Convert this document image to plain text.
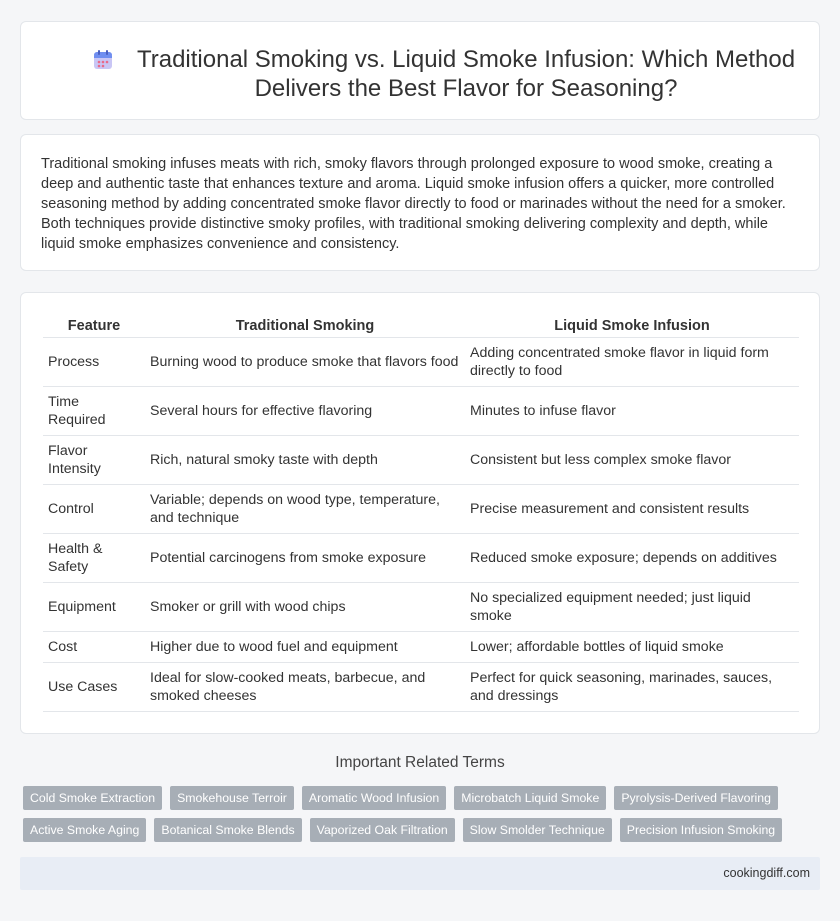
Traditional Smoking vs. Liquid Smoke Infusion: Which Method Delivers the Best Flavor for Seasoning?

Traditional smoking infuses meats with rich, smoky flavors through prolonged exposure to wood smoke, creating a deep and authentic taste that enhances texture and aroma. Liquid smoke infusion offers a quicker, more controlled seasoning method by adding concentrated smoke flavor directly to food or marinades without the need for a smoker. Both techniques provide distinctive smoky profiles, with traditional smoking delivering complexity and depth, while liquid smoke emphasizes convenience and consistency.

Feature	Traditional Smoking	Liquid Smoke Infusion
Process	Burning wood to produce smoke that flavors food	Adding concentrated smoke flavor in liquid form directly to food
Time Required	Several hours for effective flavoring	Minutes to infuse flavor
Flavor Intensity	Rich, natural smoky taste with depth	Consistent but less complex smoke flavor
Control	Variable; depends on wood type, temperature, and technique	Precise measurement and consistent results
Health & Safety	Potential carcinogens from smoke exposure	Reduced smoke exposure; depends on additives
Equipment	Smoker or grill with wood chips	No specialized equipment needed; just liquid smoke
Cost	Higher due to wood fuel and equipment	Lower; affordable bottles of liquid smoke
Use Cases	Ideal for slow-cooked meats, barbecue, and smoked cheeses	Perfect for quick seasoning, marinades, sauces, and dressings
Important Related Terms
Cold Smoke Extraction	Smokehouse Terroir	Aromatic Wood Infusion	Microbatch Liquid Smoke	Pyrolysis-Derived Flavoring
Active Smoke Aging	Botanical Smoke Blends	Vaporized Oak Filtration	Slow Smolder Technique	Precision Infusion Smoking
cookingdiff.com
